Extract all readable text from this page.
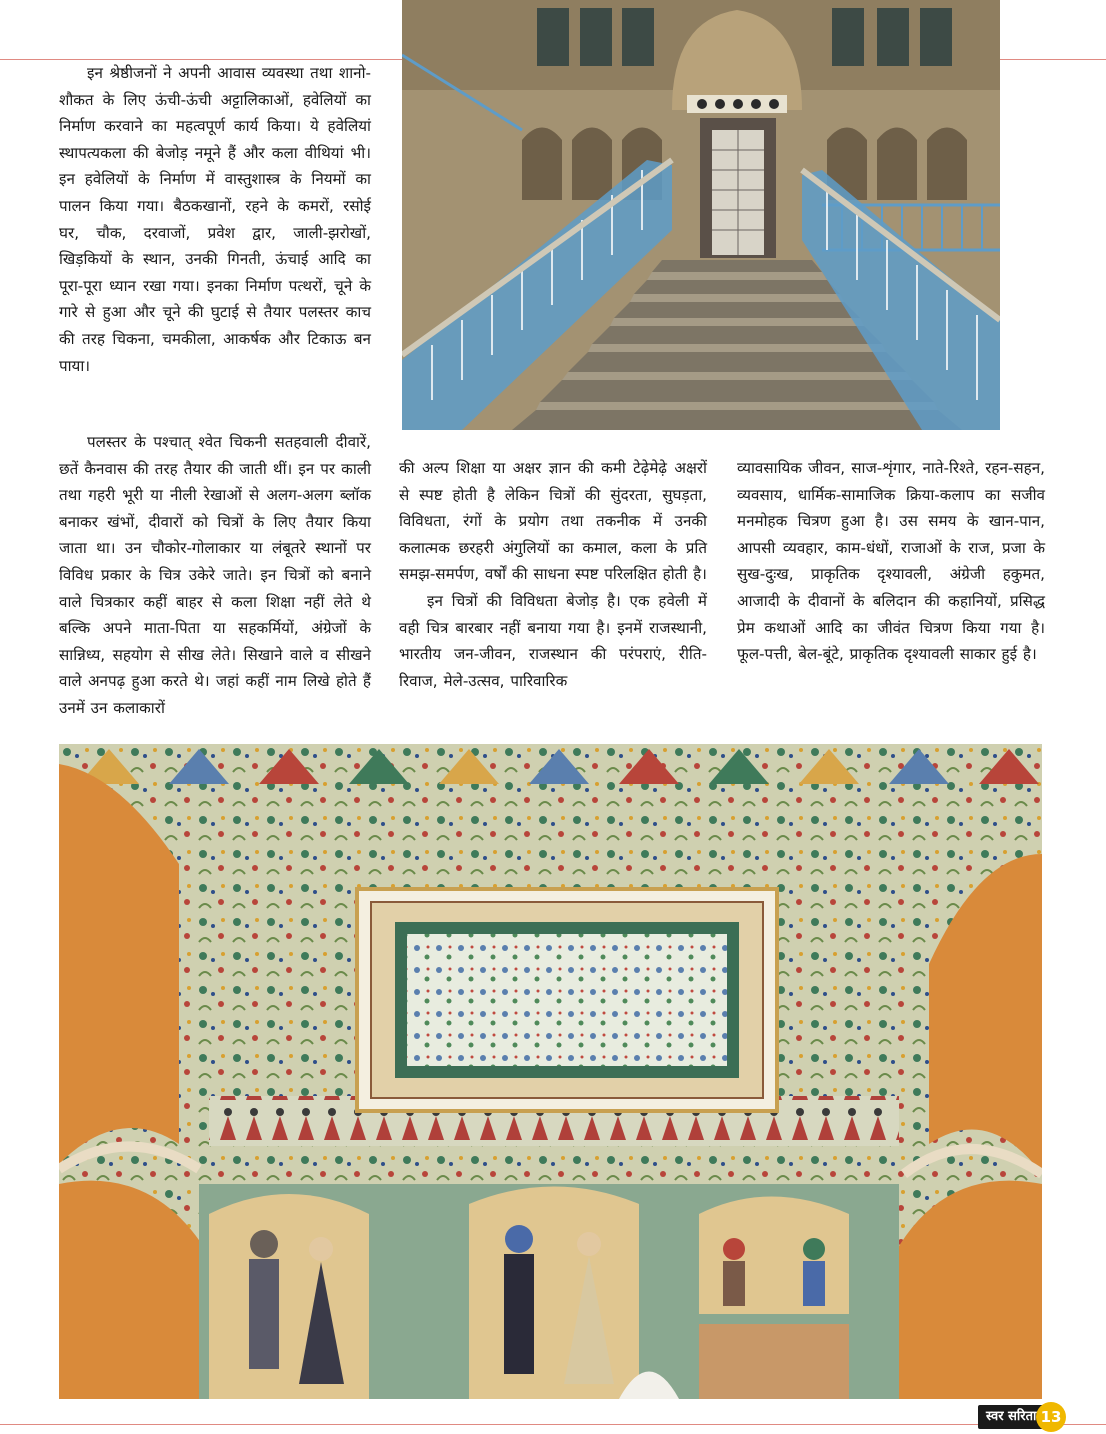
इन श्रेष्ठीजनों ने अपनी आवास व्यवस्था तथा शानो-शौकत के लिए ऊंची-ऊंची अट्टालिकाओं, हवेलियों का निर्माण करवाने का महत्वपूर्ण कार्य किया। ये हवेलियां स्थापत्यकला की बेजोड़ नमूने हैं और कला वीथियां भी। इन हवेलियों के निर्माण में वास्तुशास्त्र के नियमों का पालन किया गया। बैठकखानों, रहने के कमरों, रसोई घर, चौक, दरवाजों, प्रवेश द्वार, जाली-झरोखों, खिड़कियों के स्थान, उनकी गिनती, ऊंचाई आदि का पूरा-पूरा ध्यान रखा गया। इनका निर्माण पत्थरों, चूने के गारे से हुआ और चूने की घुटाई से तैयार पलस्तर काच की तरह चिकना, चमकीला, आकर्षक और टिकाऊ बन पाया।

पलस्तर के पश्चात् श्वेत चिकनी सतहवाली दीवारें, छतें कैनवास की तरह तैयार की जाती थीं। इन पर काली तथा गहरी भूरी या नीली रेखाओं से अलग-अलग ब्लॉक बनाकर खंभों, दीवारों को चित्रों के लिए तैयार किया जाता था। उन चौकोर-गोलाकार या लंबूतरे स्थानों पर विविध प्रकार के चित्र उकेरे जाते। इन चित्रों को बनाने वाले चित्रकार कहीं बाहर से कला शिक्षा नहीं लेते थे बल्कि अपने माता-पिता या सहकर्मियों, अंग्रेजों के सान्निध्य, सहयोग से सीख लेते। सिखाने वाले व सीखने वाले अनपढ़ हुआ करते थे। जहां कहीं नाम लिखे होते हैं उनमें उन कलाकारों

की अल्प शिक्षा या अक्षर ज्ञान की कमी टेढ़ेमेढ़े अक्षरों से स्पष्ट होती है लेकिन चित्रों की सुंदरता, सुघड़ता, विविधता, रंगों के प्रयोग तथा तकनीक में उनकी कलात्मक छरहरी अंगुलियों का कमाल, कला के प्रति समझ-समर्पण, वर्षों की साधना स्पष्ट परिलक्षित होती है।

इन चित्रों की विविधता बेजोड़ है। एक हवेली में वही चित्र बारबार नहीं बनाया गया है। इनमें राजस्थानी, भारतीय जन-जीवन, राजस्थान की परंपराएं, रीति-रिवाज, मेले-उत्सव, पारिवारिक

व्यावसायिक जीवन, साज-शृंगार, नाते-रिश्ते, रहन-सहन, व्यवसाय, धार्मिक-सामाजिक क्रिया-कलाप का सजीव मनमोहक चित्रण हुआ है। उस समय के खान-पान, आपसी व्यवहार, काम-धंधों, राजाओं के राज, प्रजा के सुख-दुःख, प्राकृतिक दृश्यावली, अंग्रेजी हकुमत, आजादी के दीवानों के बलिदान की कहानियों, प्रसिद्ध प्रेम कथाओं आदि का जीवंत चित्रण किया गया है। फूल-पत्ती, बेल-बूंटे, प्राकृतिक दृश्यावली साकार हुई है।

स्वर सरिता 13
